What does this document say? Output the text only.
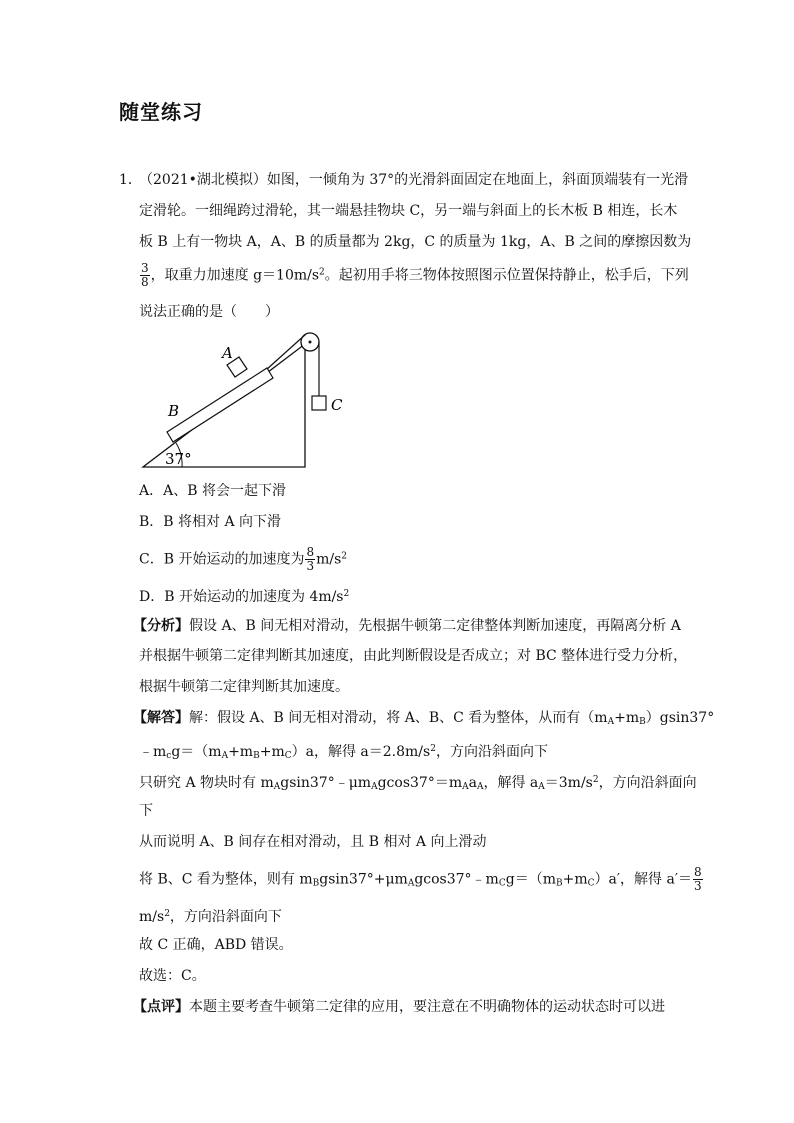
随堂练习
1．
（2021•湖北模拟）如图，一倾角为 37°的光滑斜面固定在地面上，斜面顶端装有一光滑
定滑轮。一细绳跨过滑轮，其一端悬挂物块 C，另一端与斜面上的长木板 B 相连，长木
板 B 上有一物块 A，A、B 的质量都为 2kg，C 的质量为 1kg，A、B 之间的摩擦因数为
$\frac{3}{8}$ ，取重力加速度 $g=10m/s^2$。起初用手将三物体按照图示位置保持静止，松手后，下列
说法正确的是（　　）
A
B	C
37°
A．A、B 将会一起下滑
B．B 将相对 A 向下滑
C．B 开始运动的加速度为 $\frac{8}{3} m/s^2$
D．B 开始运动的加速度为 $4m/s^2$
【分析】假设 A、B 间无相对滑动，先根据牛顿第二定律整体判断加速度，再隔离分析 A
并根据牛顿第二定律判断其加速度，由此判断假设是否成立；对 BC 整体进行受力分析，
根据牛顿第二定律判断其加速度。
【解答】解：假设 A、B 间无相对滑动，将 A、B、C 看为整体，从而有$(m_A+m_B)gsin37^\circ$
$﹣m_cg=(m_A+m_B+m_C)a$，解得 $a=2.8m/s^2$，方向沿斜面向下
只研究 A 物块时有 $m_Agsin37^\circ﹣\mu m_Agcos37^\circ=m_Aa_A$，解得 $a_A=3m/s^2$，方向沿斜面向
下
从而说明 A、B 间存在相对滑动，且 B 相对 A 向上滑动
将 B、C 看为整体，则有 $m_Bgsin37^\circ+\mu m_Agcos37^\circ﹣m_Cg=(m_B+m_C)a'$，解得 $a'= \frac{8}{3}$
$m/s^2$，方向沿斜面向下
故 C 正确，ABD 错误。
故选：C。
【点评】本题主要考查牛顿第二定律的应用，要注意在不明确物体的运动状态时可以进
